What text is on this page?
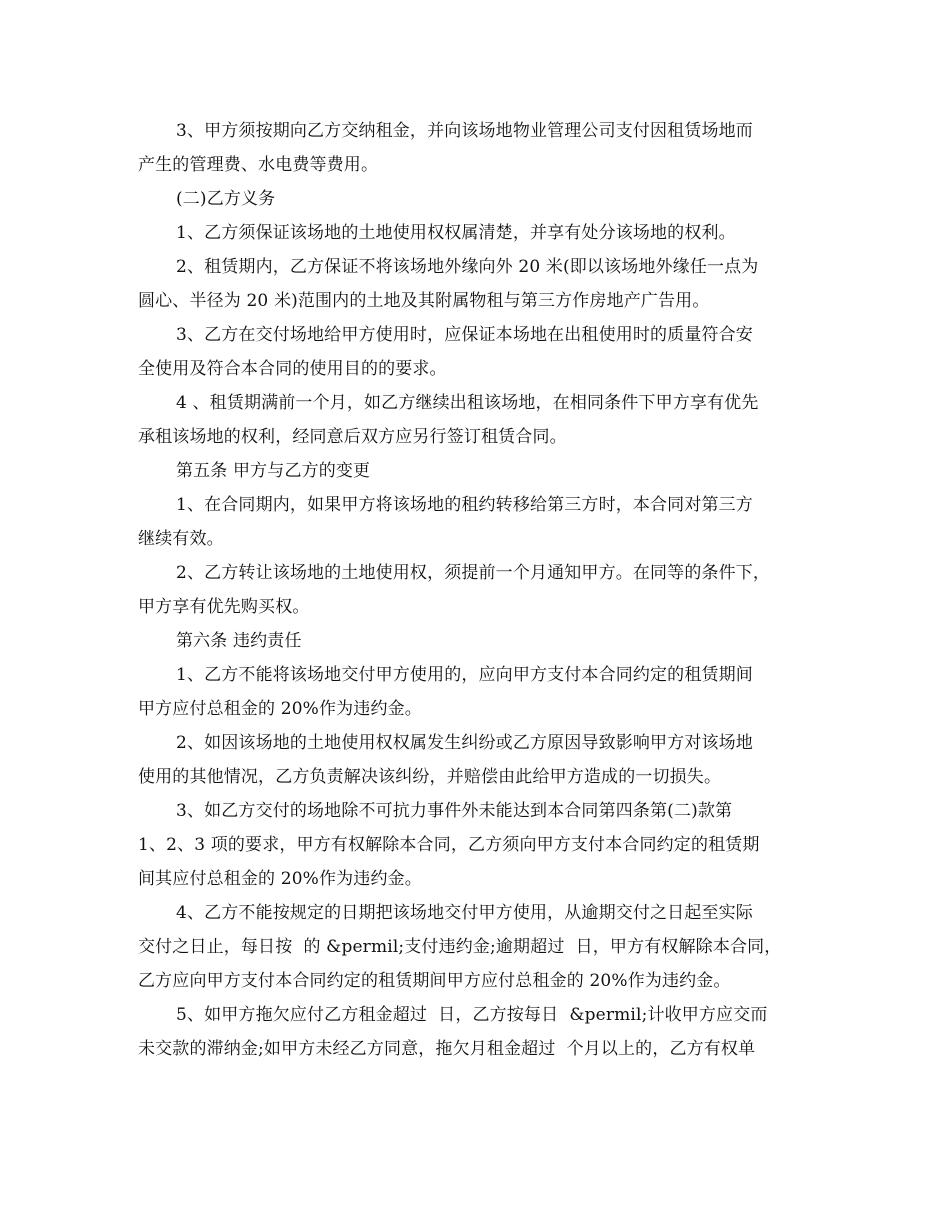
3、甲方须按期向乙方交纳租金，并向该场地物业管理公司支付因租赁场地而
产生的管理费、水电费等费用。
(二)乙方义务
1、乙方须保证该场地的土地使用权权属清楚，并享有处分该场地的权利。
2、租赁期内，乙方保证不将该场地外缘向外 20 米(即以该场地外缘任一点为
圆心、半径为 20 米)范围内的土地及其附属物租与第三方作房地产广告用。
3、乙方在交付场地给甲方使用时，应保证本场地在出租使用时的质量符合安
全使用及符合本合同的使用目的的要求。
4 、租赁期满前一个月，如乙方继续出租该场地，在相同条件下甲方享有优先
承租该场地的权利，经同意后双方应另行签订租赁合同。
第五条 甲方与乙方的变更
1、在合同期内，如果甲方将该场地的租约转移给第三方时，本合同对第三方
继续有效。
2、乙方转让该场地的土地使用权，须提前一个月通知甲方。在同等的条件下，
甲方享有优先购买权。
第六条 违约责任
1、乙方不能将该场地交付甲方使用的，应向甲方支付本合同约定的租赁期间
甲方应付总租金的 20%作为违约金。
2、如因该场地的土地使用权权属发生纠纷或乙方原因导致影响甲方对该场地
使用的其他情况，乙方负责解决该纠纷，并赔偿由此给甲方造成的一切损失。
3、如乙方交付的场地除不可抗力事件外未能达到本合同第四条第(二)款第
1、2、3 项的要求，甲方有权解除本合同，乙方须向甲方支付本合同约定的租赁期
间其应付总租金的 20%作为违约金。
4、乙方不能按规定的日期把该场地交付甲方使用，从逾期交付之日起至实际
交付之日止，每日按  的 &permil;支付违约金;逾期超过  日，甲方有权解除本合同，
乙方应向甲方支付本合同约定的租赁期间甲方应付总租金的 20%作为违约金。
5、如甲方拖欠应付乙方租金超过  日，乙方按每日  &permil;计收甲方应交而
未交款的滞纳金;如甲方未经乙方同意，拖欠月租金超过  个月以上的，乙方有权单
